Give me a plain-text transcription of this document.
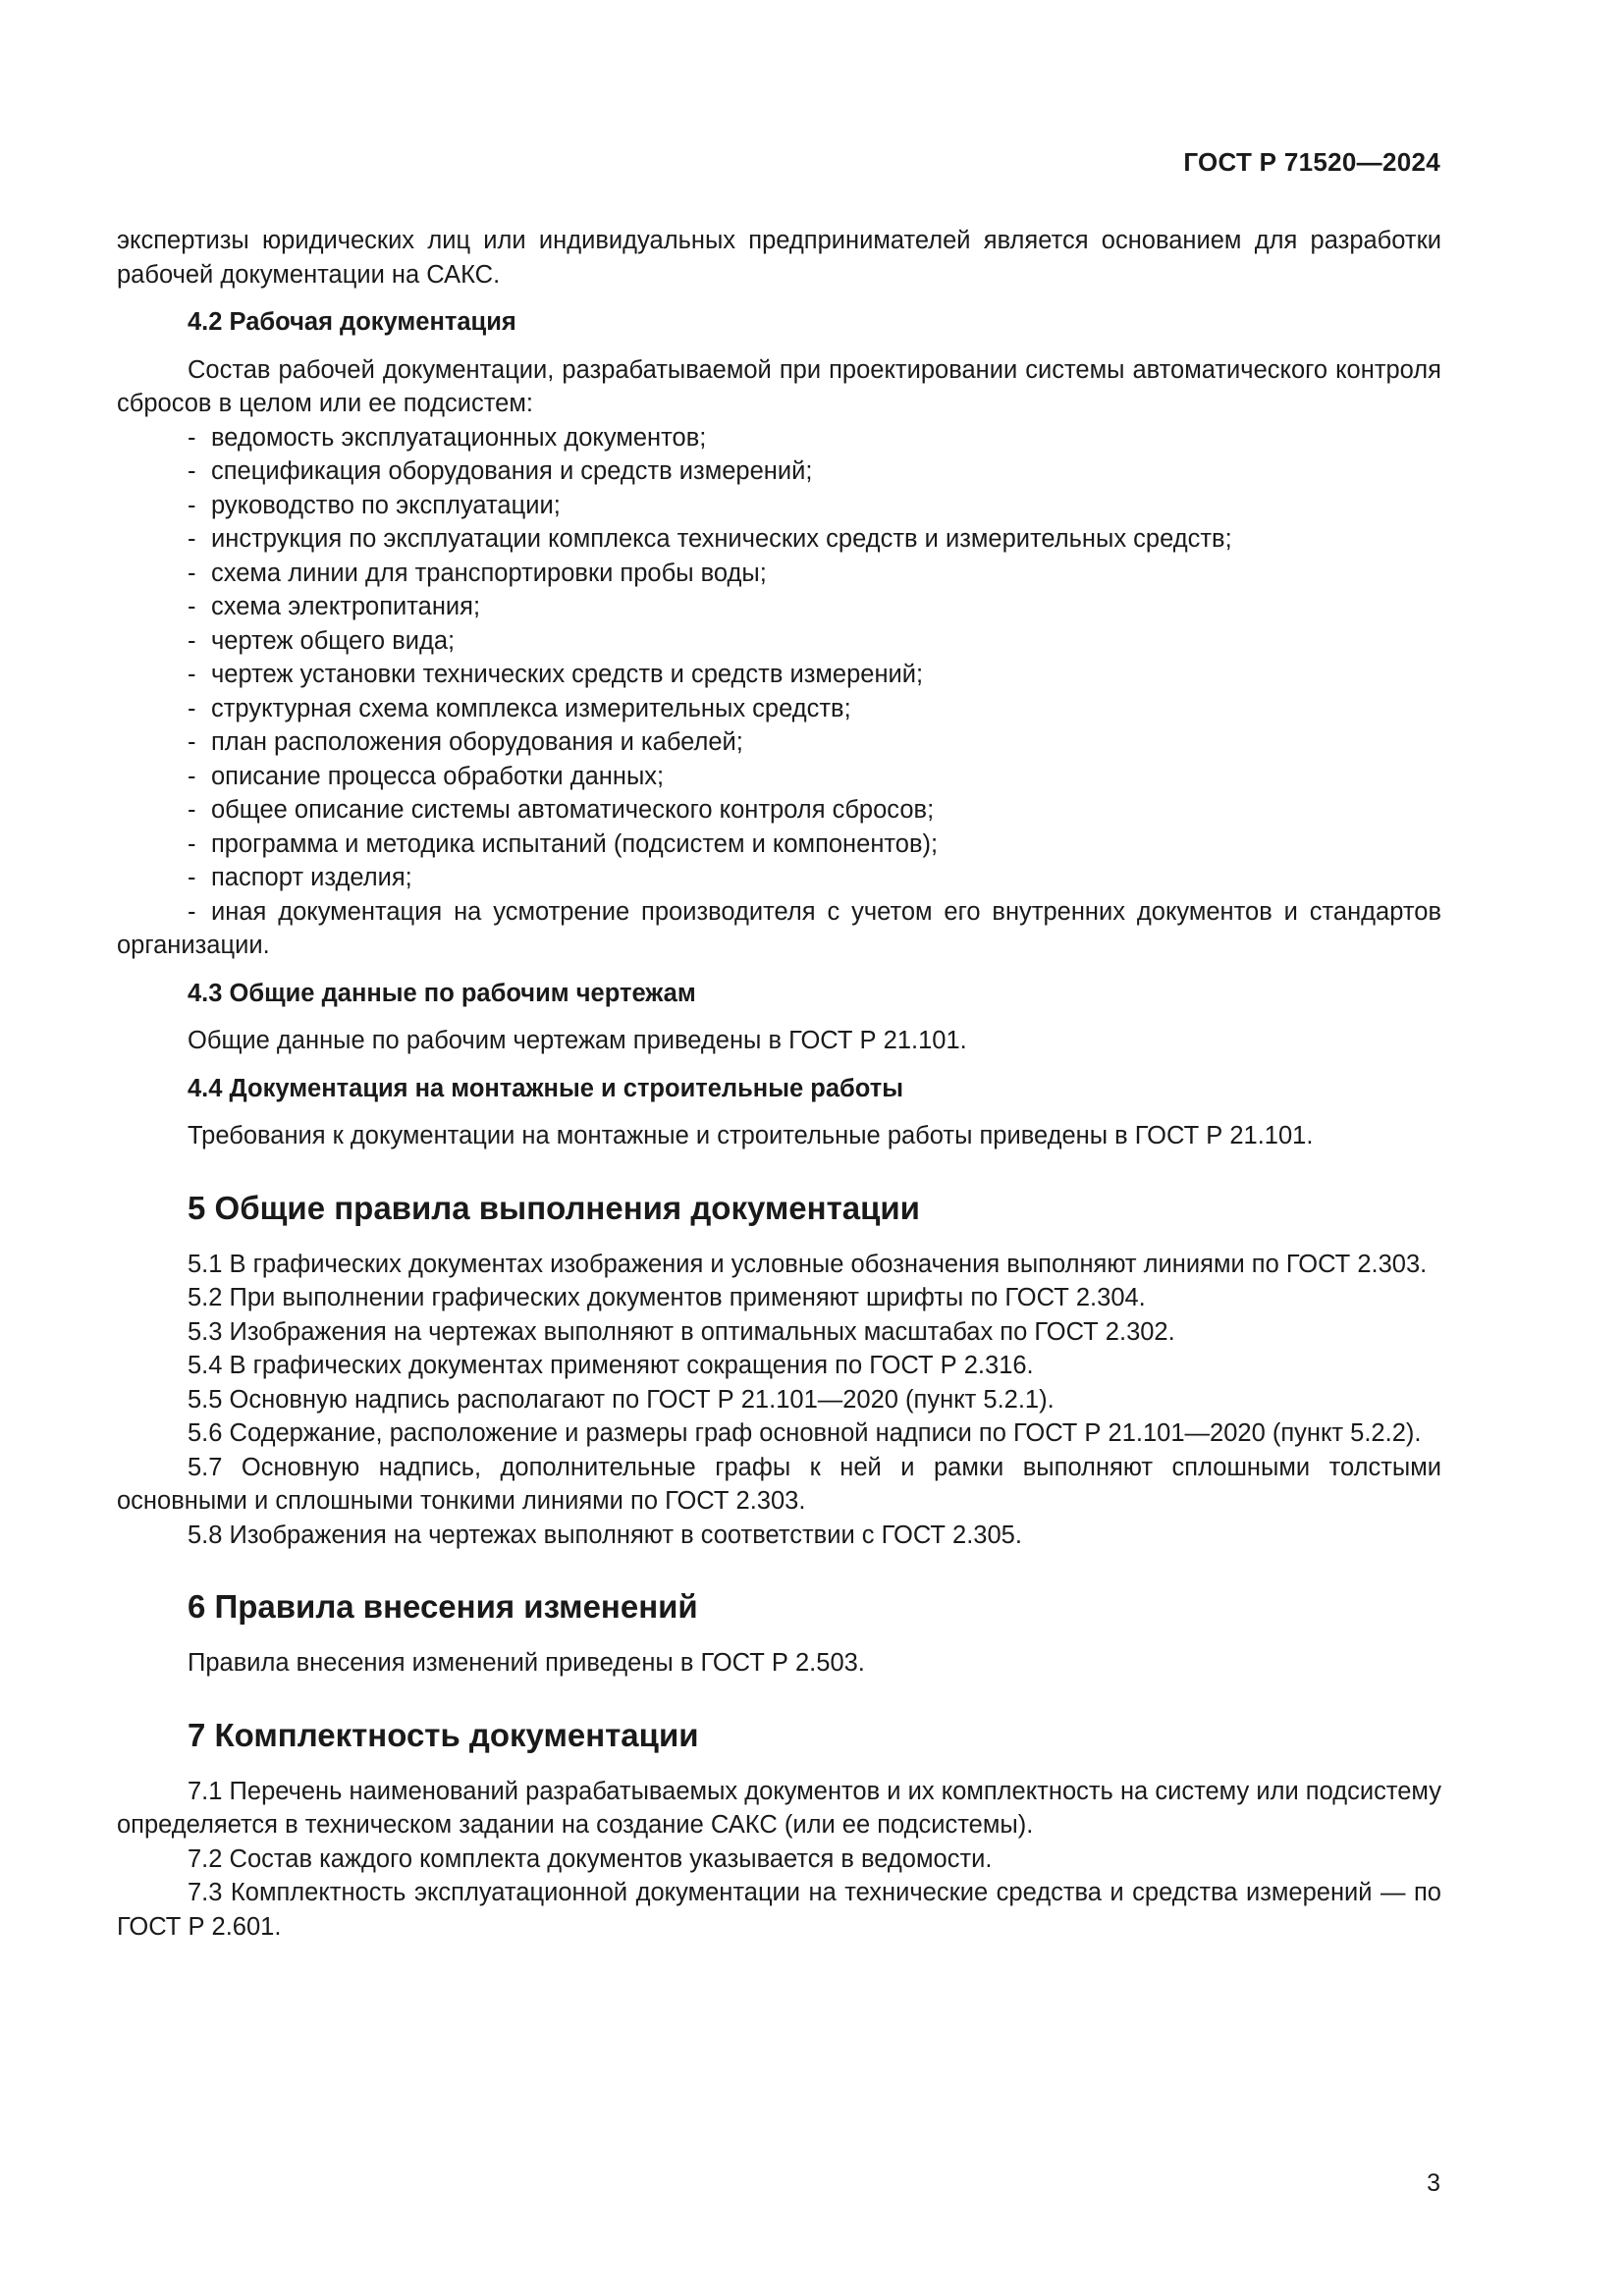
ГОСТ Р 71520—2024

экспертизы юридических лиц или индивидуальных предпринимателей является основанием для разработки рабочей документации на САКС.

4.2 Рабочая документация

Состав рабочей документации, разрабатываемой при проектировании системы автоматического контроля сбросов в целом или ее подсистем:

- ведомость эксплуатационных документов;
- спецификация оборудования и средств измерений;
- руководство по эксплуатации;
- инструкция по эксплуатации комплекса технических средств и измерительных средств;
- схема линии для транспортировки пробы воды;
- схема электропитания;
- чертеж общего вида;
- чертеж установки технических средств и средств измерений;
- структурная схема комплекса измерительных средств;
- план расположения оборудования и кабелей;
- описание процесса обработки данных;
- общее описание системы автоматического контроля сбросов;
- программа и методика испытаний (подсистем и компонентов);
- паспорт изделия;
- иная документация на усмотрение производителя с учетом его внутренних документов и стандартов организации.

4.3 Общие данные по рабочим чертежам

Общие данные по рабочим чертежам приведены в ГОСТ Р 21.101.

4.4 Документация на монтажные и строительные работы

Требования к документации на монтажные и строительные работы приведены в ГОСТ Р 21.101.

5 Общие правила выполнения документации

5.1 В графических документах изображения и условные обозначения выполняют линиями по ГОСТ 2.303.

5.2 При выполнении графических документов применяют шрифты по ГОСТ 2.304.

5.3 Изображения на чертежах выполняют в оптимальных масштабах по ГОСТ 2.302.

5.4 В графических документах применяют сокращения по ГОСТ Р 2.316.

5.5 Основную надпись располагают по ГОСТ Р 21.101—2020 (пункт 5.2.1).

5.6 Содержание, расположение и размеры граф основной надписи по ГОСТ Р 21.101—2020 (пункт 5.2.2).

5.7 Основную надпись, дополнительные графы к ней и рамки выполняют сплошными толстыми основными и сплошными тонкими линиями по ГОСТ 2.303.

5.8 Изображения на чертежах выполняют в соответствии с ГОСТ 2.305.

6 Правила внесения изменений

Правила внесения изменений приведены в ГОСТ Р 2.503.

7 Комплектность документации

7.1 Перечень наименований разрабатываемых документов и их комплектность на систему или подсистему определяется в техническом задании на создание САКС (или ее подсистемы).

7.2 Состав каждого комплекта документов указывается в ведомости.

7.3 Комплектность эксплуатационной документации на технические средства и средства измерений — по ГОСТ Р 2.601.

3
